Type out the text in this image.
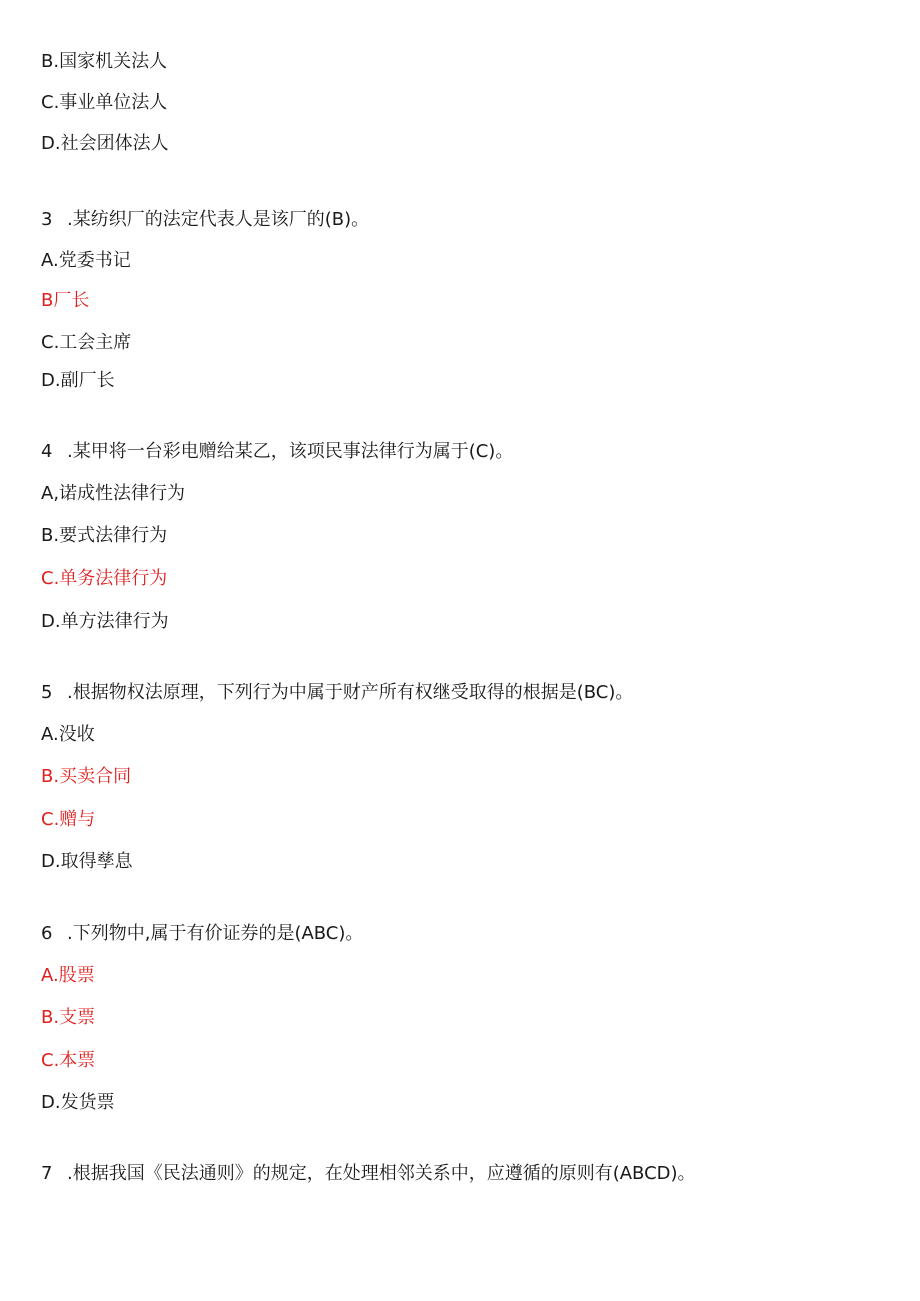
B.国家机关法人
C.事业单位法人
D.社会团体法人
3 .某纺织厂的法定代表人是该厂的(B)。
A.党委书记
B厂长
C.工会主席
D.副厂长
4 .某甲将一台彩电赠给某乙，该项民事法律行为属于(C)。
A,诺成性法律行为
B.要式法律行为
C.单务法律行为
D.单方法律行为
5 .根据物权法原理，下列行为中属于财产所有权继受取得的根据是(BC)。
A.没收
B.买卖合同
C.赠与
D.取得孳息
6 .下列物中,属于有价证券的是(ABC)。
A.股票
B.支票
C.本票
D.发货票
7 .根据我国《民法通则》的规定，在处理相邻关系中，应遵循的原则有(ABCD)。
